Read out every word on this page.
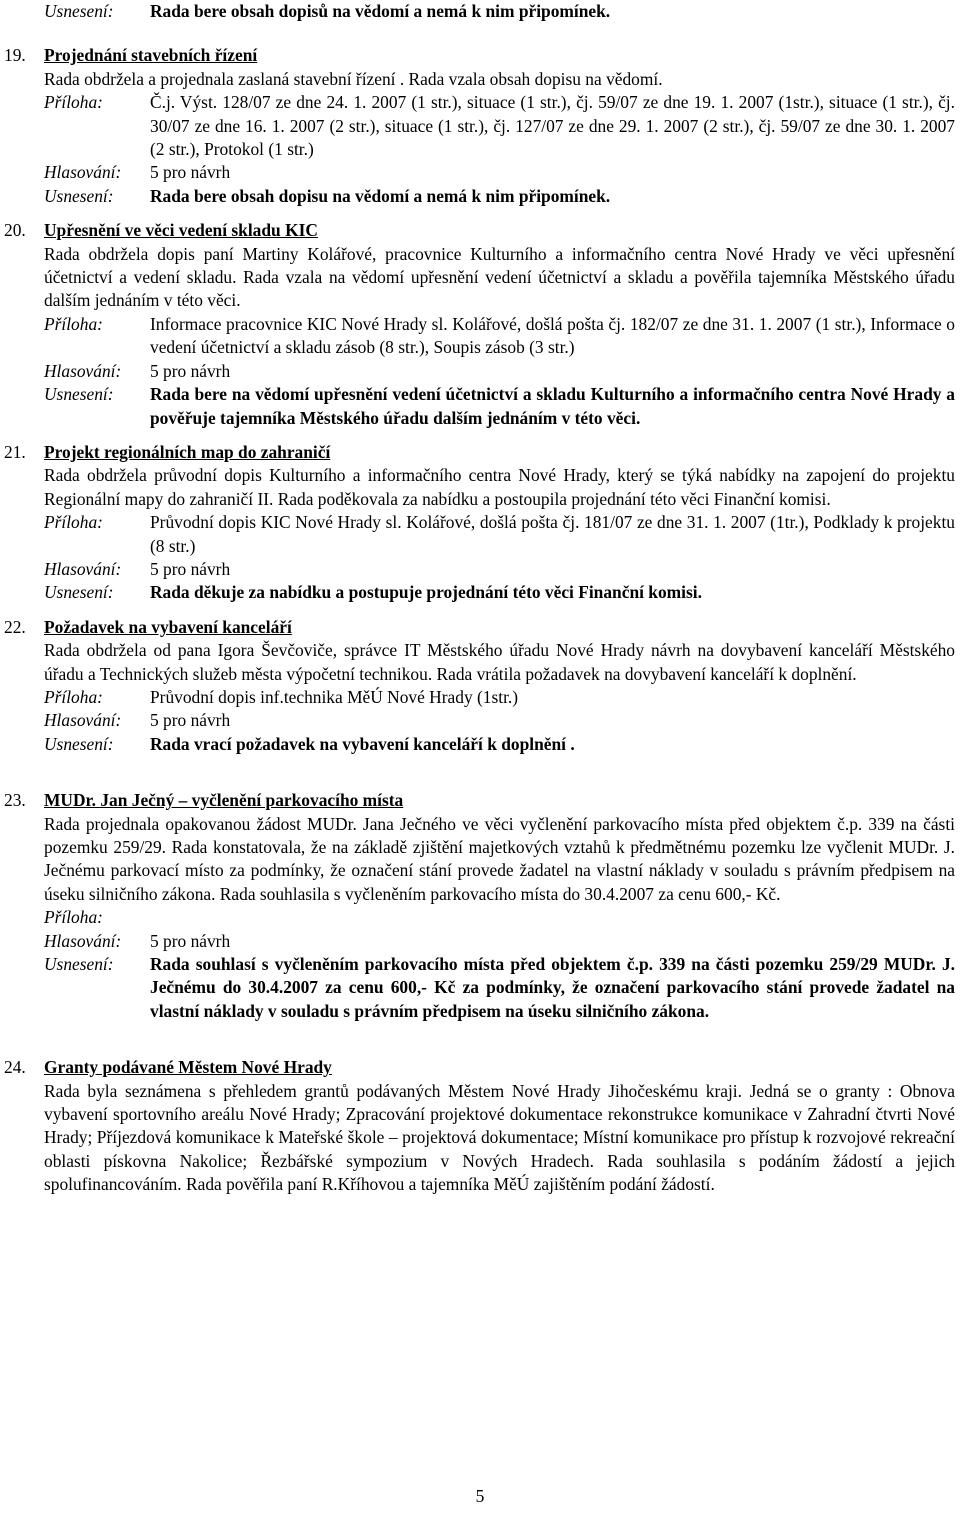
Usnesení: Rada bere obsah dopisů na vědomí a nemá k nim připomínek.
19. Projednání stavebních řízení
Rada obdržela a projednala zaslaná stavební řízení . Rada vzala obsah dopisu na vědomí.
Příloha:	Č.j. Výst. 128/07 ze dne 24. 1. 2007 (1 str.), situace (1 str.), čj. 59/07 ze dne 19. 1. 2007 (1str.), situace (1 str.), čj. 30/07 ze dne 16. 1. 2007 (2 str.), situace (1 str.), čj. 127/07 ze dne 29. 1. 2007 (2 str.), čj. 59/07 ze dne 30. 1. 2007 (2 str.), Protokol (1 str.)
Hlasování: 5 pro návrh
Usnesení: Rada bere obsah dopisu na vědomí a nemá k nim připomínek.
20. Upřesnění ve věci vedení skladu KIC
Rada obdržela dopis paní Martiny Kolářové, pracovnice Kulturního a informačního centra Nové Hrady ve věci upřesnění účetnictví a vedení skladu. Rada vzala na vědomí upřesnění vedení účetnictví a skladu a pověřila tajemníka Městského úřadu dalším jednáním v této věci.
Příloha:	Informace pracovnice KIC Nové Hrady sl. Kolářové, došlá pošta čj. 182/07 ze dne 31. 1. 2007 (1 str.), Informace o vedení účetnictví a skladu zásob (8 str.), Soupis zásob (3 str.)
Hlasování: 5 pro návrh
Usnesení: Rada bere na vědomí upřesnění vedení účetnictví a skladu Kulturního a informačního centra Nové Hrady a pověřuje tajemníka Městského úřadu dalším jednáním v této věci.
21. Projekt regionálních map do zahraničí
Rada obdržela průvodní dopis Kulturního a informačního centra Nové Hrady, který se týká nabídky na zapojení do projektu Regionální mapy do zahraničí II. Rada poděkovala za nabídku a postoupila projednání této věci Finanční komisi.
Příloha:	Průvodní dopis KIC Nové Hrady sl. Kolářové, došlá pošta čj. 181/07 ze dne 31. 1. 2007 (1tr.), Podklady k projektu (8 str.)
Hlasování: 5 pro návrh
Usnesení: Rada děkuje za nabídku a postupuje projednání této věci Finanční komisi.
22. Požadavek na vybavení kanceláří
Rada obdržela od pana Igora Ševčoviče, správce IT Městského úřadu Nové Hrady návrh na dovybavení kanceláří Městského úřadu a Technických služeb města výpočetní technikou. Rada vrátila požadavek na dovybavení kanceláří k doplnění.
Příloha:	Průvodní dopis inf.technika MěÚ Nové Hrady (1str.)
Hlasování: 5 pro návrh
Usnesení: Rada vrací požadavek na vybavení kanceláří k doplnění .
23. MUDr. Jan Ječný – vyčlenění parkovacího místa
Rada projednala opakovanou žádost MUDr. Jana Ječného ve věci vyčlenění parkovacího místa před objektem č.p. 339 na části pozemku 259/29. Rada konstatovala, že na základě zjištění majetkových vztahů k předmětnému pozemku lze vyčlenit MUDr. J. Ječnému parkovací místo za podmínky, že označení stání provede žadatel na vlastní náklady v souladu s právním předpisem na úseku silničního zákona. Rada souhlasila s vyčleněním parkovacího místa do 30.4.2007 za cenu 600,- Kč.
Příloha:

Hlasování: 5 pro návrh
Usnesení: Rada souhlasí s vyčleněním parkovacího místa před objektem č.p. 339 na části pozemku 259/29 MUDr. J. Ječnému do 30.4.2007 za cenu 600,- Kč za podmínky, že označení parkovacího stání provede žadatel na vlastní náklady v souladu s právním předpisem na úseku silničního zákona.
24. Granty podávané Městem Nové Hrady
Rada byla seznámena s přehledem grantů podávaných Městem Nové Hrady Jihočeskému kraji. Jedná se o granty : Obnova vybavení sportovního areálu Nové Hrady; Zpracování projektové dokumentace rekonstrukce komunikace v Zahradní čtvrti Nové Hrady; Příjezdová komunikace k Mateřské škole – projektová dokumentace; Místní komunikace pro přístup k rozvojové rekreační oblasti pískovna Nakolice; Řezbářské sympozium v Nových Hradech. Rada souhlasila s podáním žádostí a jejich spolufinancováním. Rada pověřila paní R.Kříhovou a tajemníka MěÚ zajištěním podání žádostí.
5
